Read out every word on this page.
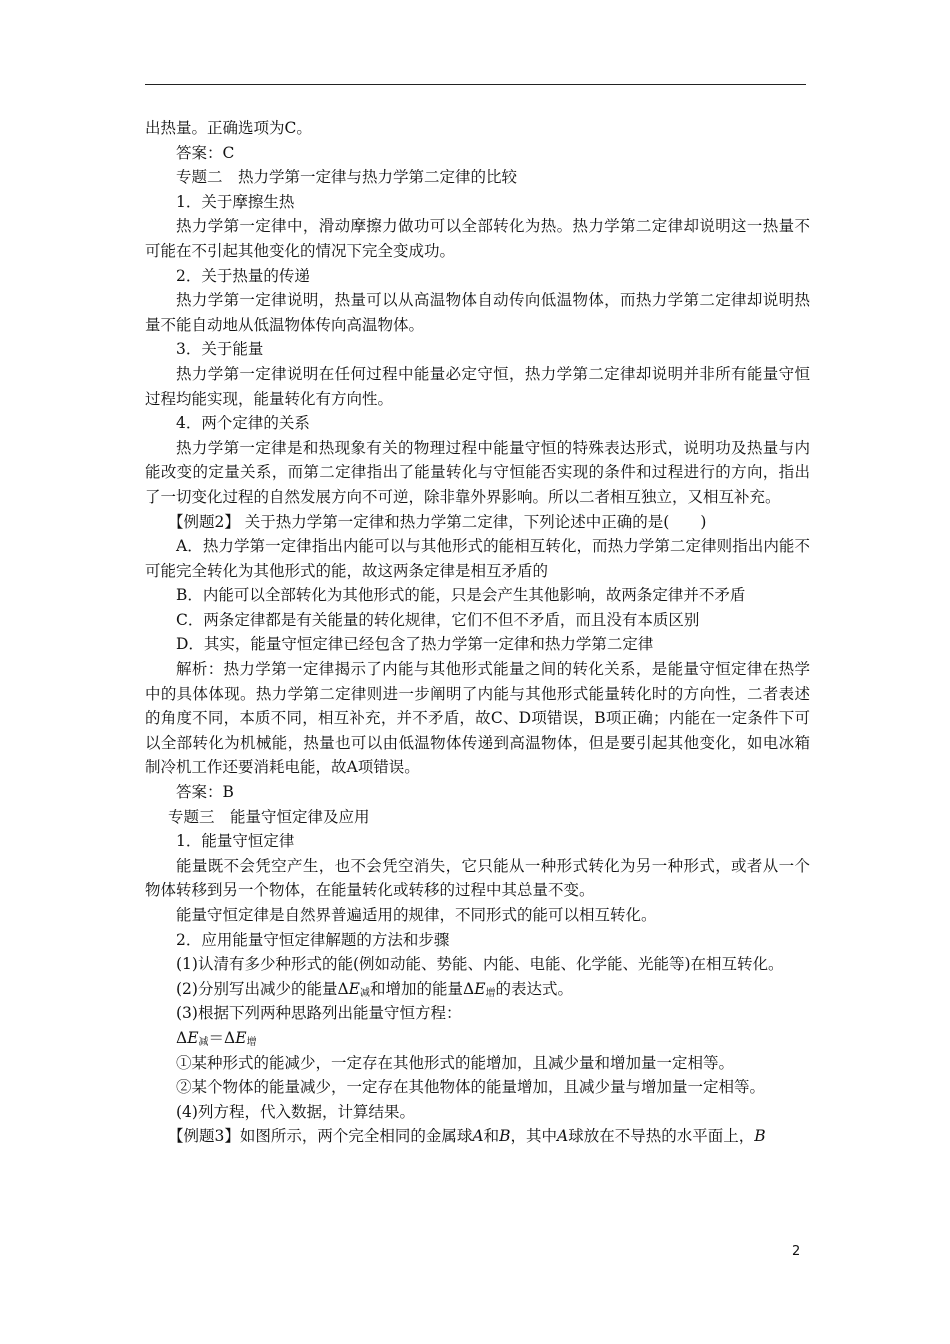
出热量。正确选项为C。

答案：C

专题二　热力学第一定律与热力学第二定律的比较

1．关于摩擦生热

热力学第一定律中，滑动摩擦力做功可以全部转化为热。热力学第二定律却说明这一热量不可能在不引起其他变化的情况下完全变成功。

2．关于热量的传递

热力学第一定律说明，热量可以从高温物体自动传向低温物体，而热力学第二定律却说明热量不能自动地从低温物体传向高温物体。

3．关于能量

热力学第一定律说明在任何过程中能量必定守恒，热力学第二定律却说明并非所有能量守恒过程均能实现，能量转化有方向性。

4．两个定律的关系

热力学第一定律是和热现象有关的物理过程中能量守恒的特殊表达形式，说明功及热量与内能改变的定量关系，而第二定律指出了能量转化与守恒能否实现的条件和过程进行的方向，指出了一切变化过程的自然发展方向不可逆，除非靠外界影响。所以二者相互独立，又相互补充。

【例题2】 关于热力学第一定律和热力学第二定律，下列论述中正确的是(　　)

A．热力学第一定律指出内能可以与其他形式的能相互转化，而热力学第二定律则指出内能不可能完全转化为其他形式的能，故这两条定律是相互矛盾的

B．内能可以全部转化为其他形式的能，只是会产生其他影响，故两条定律并不矛盾

C．两条定律都是有关能量的转化规律，它们不但不矛盾，而且没有本质区别

D．其实，能量守恒定律已经包含了热力学第一定律和热力学第二定律

解析：热力学第一定律揭示了内能与其他形式能量之间的转化关系，是能量守恒定律在热学中的具体体现。热力学第二定律则进一步阐明了内能与其他形式能量转化时的方向性，二者表述的角度不同，本质不同，相互补充，并不矛盾，故C、D项错误，B项正确；内能在一定条件下可以全部转化为机械能，热量也可以由低温物体传递到高温物体，但是要引起其他变化，如电冰箱制冷机工作还要消耗电能，故A项错误。

答案：B

专题三　能量守恒定律及应用

1．能量守恒定律

能量既不会凭空产生，也不会凭空消失，它只能从一种形式转化为另一种形式，或者从一个物体转移到另一个物体，在能量转化或转移的过程中其总量不变。

能量守恒定律是自然界普遍适用的规律，不同形式的能可以相互转化。

2．应用能量守恒定律解题的方法和步骤

(1)认清有多少种形式的能(例如动能、势能、内能、电能、化学能、光能等)在相互转化。

(2)分别写出减少的能量$\Delta E_减$和增加的能量$\Delta E_增$的表达式。

(3)根据下列两种思路列出能量守恒方程：

$\Delta E_减=\Delta E_增$

①某种形式的能减少，一定存在其他形式的能增加，且减少量和增加量一定相等。

②某个物体的能量减少，一定存在其他物体的能量增加，且减少量与增加量一定相等。

(4)列方程，代入数据，计算结果。

【例题3】如图所示，两个完全相同的金属球A和B，其中A球放在不导热的水平面上，B

2
